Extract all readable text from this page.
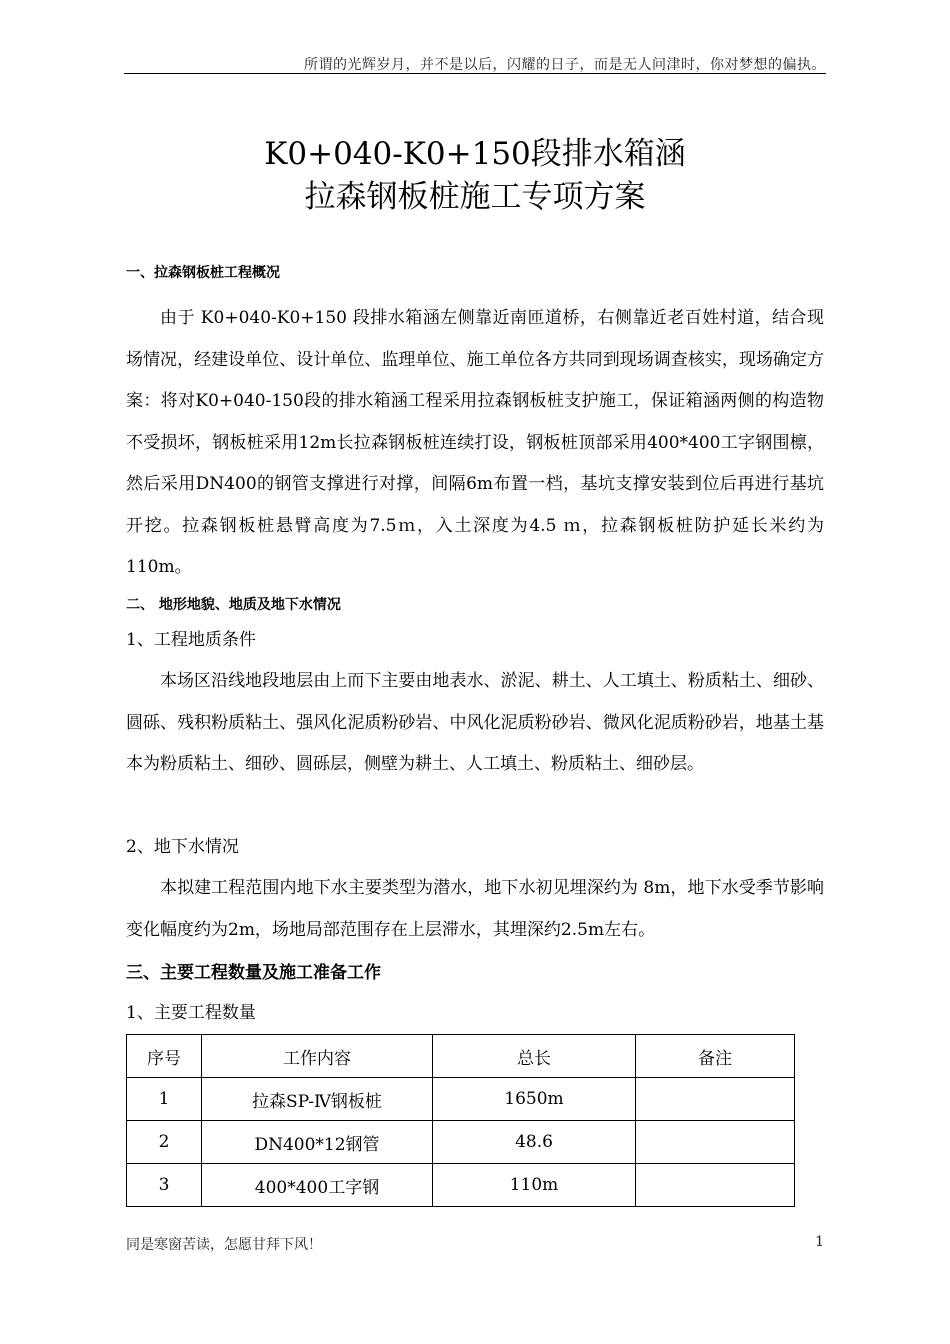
所谓的光辉岁月，并不是以后，闪耀的日子，而是无人问津时，你对梦想的偏执。
K0+040-K0+150段排水箱涵
拉森钢板桩施工专项方案

一、拉森钢板桩工程概况

由于 K0+040-K0+150 段排水箱涵左侧靠近南匝道桥，右侧靠近老百姓村道，结合现场情况，经建设单位、设计单位、监理单位、施工单位各方共同到现场调查核实，现场确定方案：将对K0+040-150段的排水箱涵工程采用拉森钢板桩支护施工，保证箱涵两侧的构造物不受损坏，钢板桩采用12m长拉森钢板桩连续打设，钢板桩顶部采用400*400工字钢围檩，然后采用DN400的钢管支撑进行对撑，间隔6m布置一档，基坑支撑安装到位后再进行基坑开挖。拉森钢板桩悬臂高度为7.5ｍ，入土深度为4.5 ｍ，拉森钢板桩防护延长米约为110m。

二、 地形地貌、地质及地下水情况

1、工程地质条件

本场区沿线地段地层由上而下主要由地表水、淤泥、耕土、人工填土、粉质粘土、细砂、圆砾、残积粉质粘土、强风化泥质粉砂岩、中风化泥质粉砂岩、微风化泥质粉砂岩，地基土基本为粉质粘土、细砂、圆砾层，侧壁为耕土、人工填土、粉质粘土、细砂层。

2、地下水情况

本拟建工程范围内地下水主要类型为潜水，地下水初见埋深约为 8m，地下水受季节影响变化幅度约为2m，场地局部范围存在上层滞水，其埋深约2.5m左右。

三、主要工程数量及施工准备工作

1、主要工程数量

序号	工作内容	总长	备注
1	拉森SP-Ⅳ钢板桩	1650m	
2	DN400*12钢管	48.6	
3	400*400工字钢	110m	
同是寒窗苦读，怎愿甘拜下风！	1
